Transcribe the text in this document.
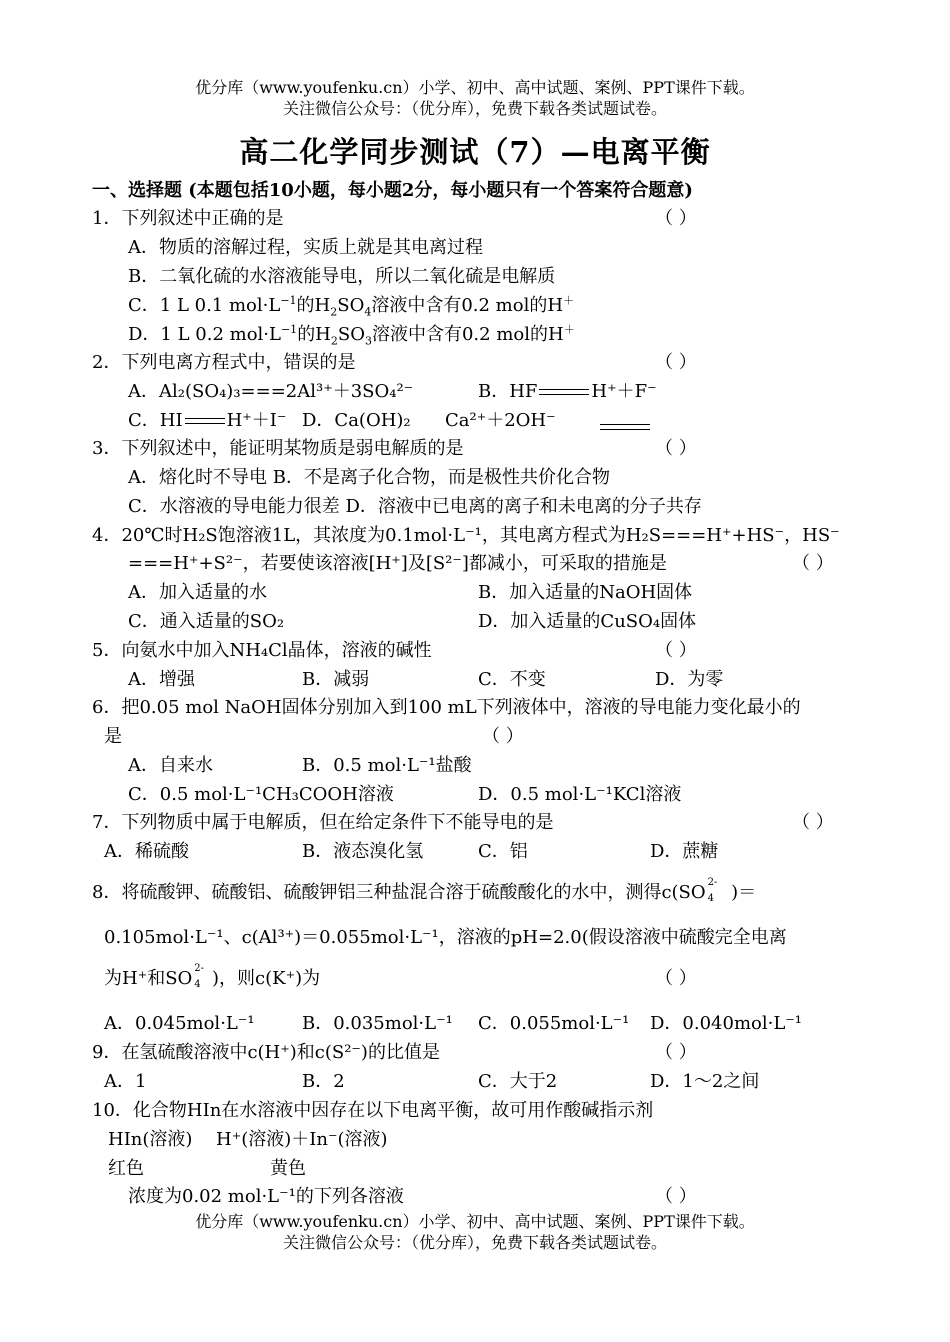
优分库（www.youfenku.cn）小学、初中、高中试题、案例、PPT课件下载。
关注微信公众号：（优分库），免费下载各类试题试卷。
高二化学同步测试（7）—电离平衡
一、选择题 (本题包括10小题，每小题2分，每小题只有一个答案符合题意)
1．下列叙述中正确的是	（ ）
A．物质的溶解过程，实质上就是其电离过程
B．二氧化硫的水溶液能导电，所以二氧化硫是电解质
C．1 L 0.1 $mol\cdot L^{-1}$的$H_2SO_4$溶液中含有0.2 mol的H＋
D．1 L 0.2 $mol\cdot L^{-1}$的$H_2SO_3$溶液中含有0.2 mol的H＋
2．下列电离方程式中，错误的是	（ ）
A．Al₂(SO₄)₃===2Al³⁺＋3SO₄²⁻	B．HF	H⁺＋F⁻
C．HI H⁺＋I⁻ D．Ca(OH)₂ Ca²⁺＋2OH⁻
3．下列叙述中，能证明某物质是弱电解质的是	（ ）
A．熔化时不导电 B．不是离子化合物，而是极性共价化合物
C．水溶液的导电能力很差 D．溶液中已电离的离子和未电离的分子共存
4．20℃时H₂S饱溶液1L，其浓度为0.1mol·L⁻¹，其电离方程式为H₂S===H⁺+HS⁻，HS⁻
===H⁺+S²⁻，若要使该溶液[H⁺]及[S²⁻]都减小，可采取的措施是	（ ）
A．加入适量的水	B．加入适量的NaOH固体
C．通入适量的SO₂	D．加入适量的CuSO₄固体
5．向氨水中加入NH₄Cl晶体，溶液的碱性	（ ）
A．增强	B．减弱	C．不变	D．为零
6．把0.05 mol NaOH固体分别加入到100 mL下列液体中，溶液的导电能力变化最小的
是	（ ）
A．自来水	B．0.5 mol·L⁻¹盐酸
C．0.5 mol·L⁻¹CH₃COOH溶液	D．0.5 mol·L⁻¹KCl溶液
7．下列物质中属于电解质，但在给定条件下不能导电的是	（ ）
A．稀硫酸	B．液态溴化氢	C．铝	D．蔗糖
8．将硫酸钾、硫酸铝、硫酸钾铝三种盐混合溶于硫酸酸化的水中，测得c(SO 2-
4 )＝
0.105mol·L⁻¹、c(Al³⁺)＝0.055mol·L⁻¹，溶液的pH=2.0(假设溶液中硫酸完全电离
为H⁺和SO 2-
4 )，则c(K⁺)为	（ ）
A．0.045mol·L⁻¹	B．0.035mol·L⁻¹ C．0.055mol·L⁻¹ D．0.040mol·L⁻¹
9．在氢硫酸溶液中c(H⁺)和c(S²⁻)的比值是	（ ）
A．1	B．2	C．大于2	D．1～2之间
10．化合物HIn在水溶液中因存在以下电离平衡，故可用作酸碱指示剂
HIn(溶液) H⁺(溶液)＋In⁻(溶液)
红色	黄色
浓度为0.02 mol·L⁻¹的下列各溶液	（ ）
优分库（www.youfenku.cn）小学、初中、高中试题、案例、PPT课件下载。
关注微信公众号：（优分库），免费下载各类试题试卷。
